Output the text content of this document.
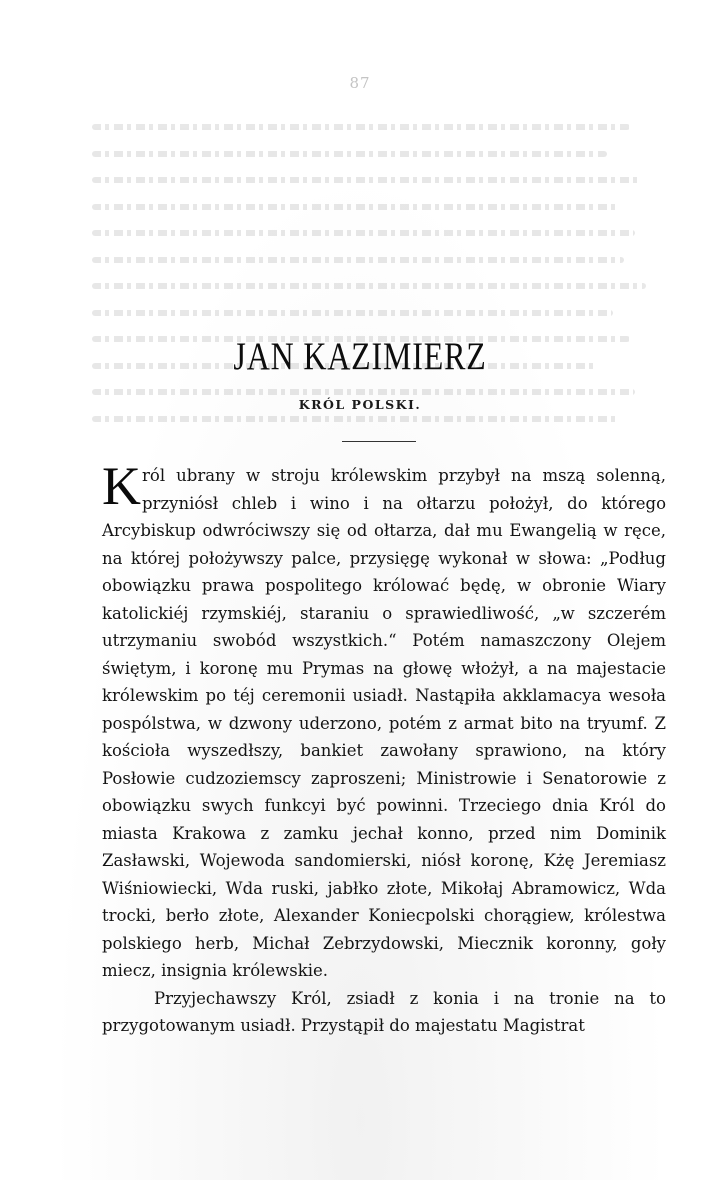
87
JAN KAZIMIERZ
KRÓL POLSKI.

Król ubrany w stroju królewskim przybył na mszą solenną, przyniósł chleb i wino i na ołtarzu położył, do którego Arcybiskup odwróciwszy się od ołtarza, dał mu Ewangelią w ręce, na której położywszy palce, przysięgę wykonał w słowa: „Podług obowiązku prawa pospolitego królować będę, w obronie Wiary katolickiéj rzymskiéj, staraniu o sprawiedliwość, „w szczerém utrzymaniu swobód wszystkich.“ Potém namaszczony Olejem świętym, i koronę mu Prymas na głowę włożył, a na majestacie królewskim po téj ceremonii usiadł. Nastąpiła akklamacya wesoła pospólstwa, w dzwony uderzono, potém z armat bito na tryumf. Z kościoła wyszedłszy, bankiet zawołany sprawiono, na który Posłowie cudzoziemscy zaproszeni; Ministrowie i Senatorowie z obowiązku swych funkcyi być powinni. Trzeciego dnia Król do miasta Krakowa z zamku jechał konno, przed nim Dominik Zasławski, Wojewoda sandomierski, niósł koronę, Kżę Jeremiasz Wiśniowiecki, Wda ruski, jabłko złote, Mikołaj Abramowicz, Wda trocki, berło złote, Alexander Koniecpolski chorągiew, królestwa polskiego herb, Michał Zebrzydowski, Miecznik koronny, goły miecz, insignia królewskie.

Przyjechawszy Król, zsiadł z konia i na tronie na to przygotowanym usiadł. Przystąpił do majestatu Magistrat
